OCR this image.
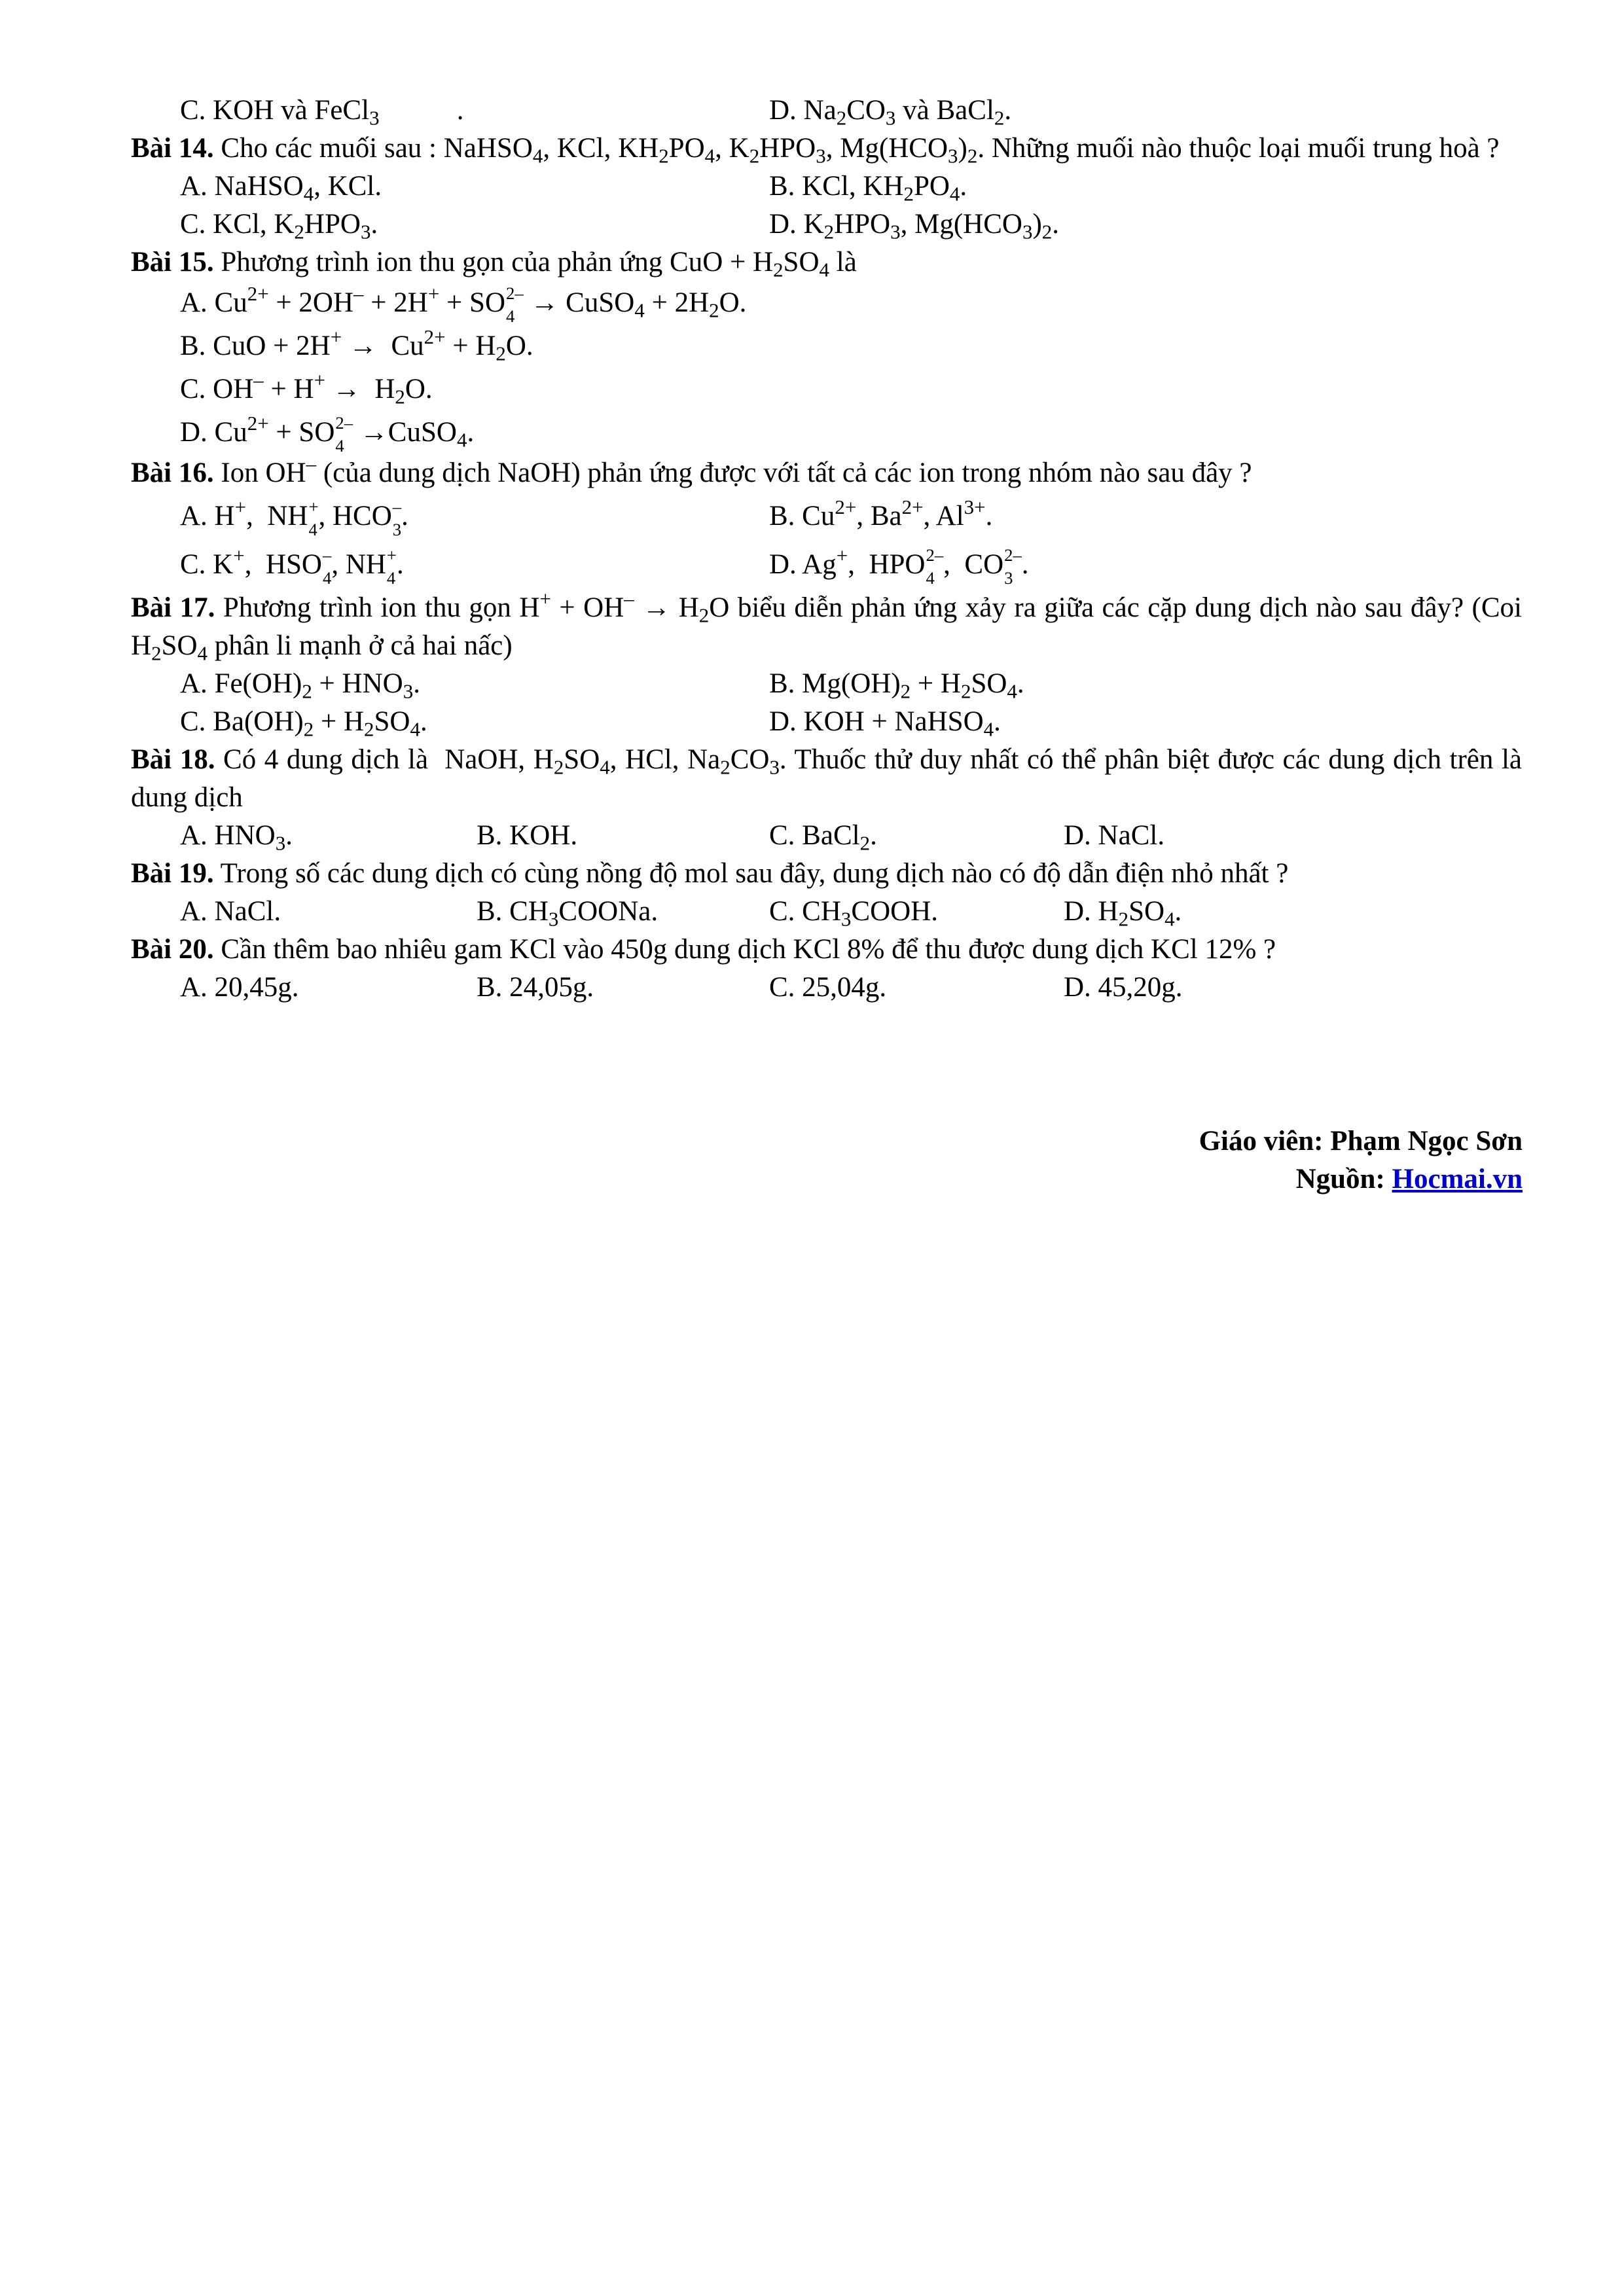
C. KOH và FeCl$_3$           .	D. $Na_2CO_3$ và BaCl$_2$.

Bài 14. Cho các muối sau : NaHSO$_4$, KCl, $KH_2PO_4$, $K_2HPO_3$, $Mg(HCO_3)_2$. Những muối nào thuộc loại muối trung hoà ?

A. NaHSO$_4$, KCl.	B. KCl, $KH_2PO_4$.
C. KCl, $K_2HPO_3$.	D. $K_2HPO_3$, $Mg(HCO_3)_2$.

Bài 15. Phương trình ion thu gọn của phản ứng CuO + $H_2SO_4$ là

A. $Cu^{2+} + 2OH^- + 2H^+$ + SO 2–
4 → CuSO$_4$ + $2H_2O$.
B. CuO + $2H^+ \to Cu^{2+} + H_2O$.
C. $OH^- + H^+ \to H_2O$.
D. $Cu^{2+}$ + SO 2–
4 →CuSO$_4$.

Bài 16. Ion OH– (của dung dịch NaOH) phản ứng được với tất cả các ion trong nhóm nào sau đây ?

A. H+,  NH +
4 , HCO –
3 .	B. $Cu^{2+}$, $Ba^{2+}$, $Al^{3+}$.
C. K+,  HSO –
4 , NH +
4 .	D. Ag+,  HPO 2–
4 ,  CO 2–
3 .

Bài 17. Phương trình ion thu gọn $H^+ + OH^- \to H_2O$ biểu diễn phản ứng xảy ra giữa các cặp dung dịch nào sau đây? (Coi $H_2SO_4$ phân li mạnh ở cả hai nấc)

A. $Fe(OH)_2 + HNO_3$.	B. $Mg(OH)_2 + H_2SO_4$.
C. $Ba(OH)_2 + H_2SO_4$.	D. KOH + NaHSO$_4$.

Bài 18. Có 4 dung dịch là  NaOH, $H_2SO_4$, HCl, $Na_2CO_3$. Thuốc thử duy nhất có thể phân biệt được các dung dịch trên là dung dịch

A. $HNO_3$.	B. KOH.	C. BaCl$_2$.	D. NaCl.

Bài 19. Trong số các dung dịch có cùng nồng độ mol sau đây, dung dịch nào có độ dẫn điện nhỏ nhất ?

A. NaCl.	B. $CH_3COONa$.	C. $CH_3COOH$.	D. $H_2SO_4$.

Bài 20. Cần thêm bao nhiêu gam KCl vào 450g dung dịch KCl 8% để thu được dung dịch KCl 12% ?

A. 20,45g.	B. 24,05g.	C. 25,04g.	D. 45,20g.
Giáo viên: Phạm Ngọc Sơn
Nguồn: Hocmai.vn
